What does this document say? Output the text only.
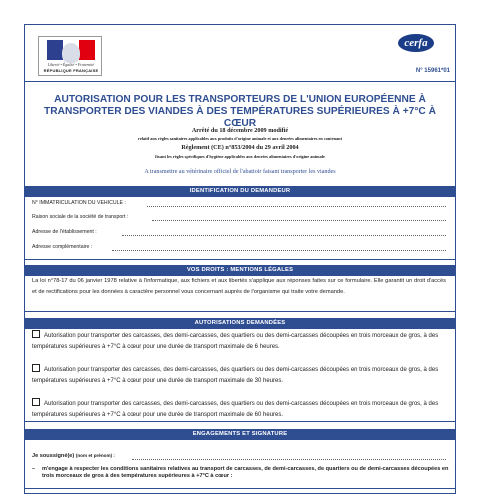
Liberté • Égalité • Fraternité
RÉPUBLIQUE FRANÇAISE
cerfa
N° 15961*01
AUTORISATION POUR LES TRANSPORTEURS DE L'UNION EUROPÉENNE À
TRANSPORTER DES VIANDES À DES TEMPÉRATURES SUPÉRIEURES À +7°C À CŒUR
Arrêté du 18 décembre 2009 modifié
relatif aux règles sanitaires applicables aux produits d'origine animale et aux denrées alimentaires en contenant
Règlement (CE) n°853/2004 du 29 avril 2004
fixant les règles spécifiques d'hygiène applicables aux denrées alimentaires d'origine animale
A transmettre au vétérinaire officiel de l'abattoir faisant transporter les viandes
IDENTIFICATION DU DEMANDEUR
N° IMMATRICULATION DU VEHICULE :
Raison sociale de la société de transport :
Adresse de l'établissement :
Adresse complémentaire :
VOS DROITS : MENTIONS LÉGALES
La loi n°78-17 du 06 janvier 1978 relative à l'informatique, aux fichiers et aux libertés s'applique aux réponses faites sur ce formulaire. Elle garantit un droit d'accès et de rectifications pour les données à caractère personnel vous concernant auprès de l'organisme qui traite votre demande.
AUTORISATIONS DEMANDÉES
Autorisation pour transporter des carcasses, des demi-carcasses, des quartiers ou des demi-carcasses découpées en trois morceaux de gros, à des températures supérieures à +7°C à cœur pour une durée de transport maximale de 6 heures.
Autorisation pour transporter des carcasses, des demi-carcasses, des quartiers ou des demi-carcasses découpées en trois morceaux de gros, à des températures supérieures à +7°C à cœur pour une durée de transport maximale de 30 heures.
Autorisation pour transporter des carcasses, des demi-carcasses, des quartiers ou des demi-carcasses découpées en trois morceaux de gros, à des températures supérieures à +7°C à cœur pour une durée de transport maximale de 60 heures.
ENGAGEMENTS ET SIGNATURE
Je soussigné(e) (nom et prénom) :
– m'engage à respecter les conditions sanitaires relatives au transport de carcasses, de demi-carcasses, de quartiers ou de demi-carcasses découpées en trois morceaux de gros à des températures supérieures à +7°C à cœur :
